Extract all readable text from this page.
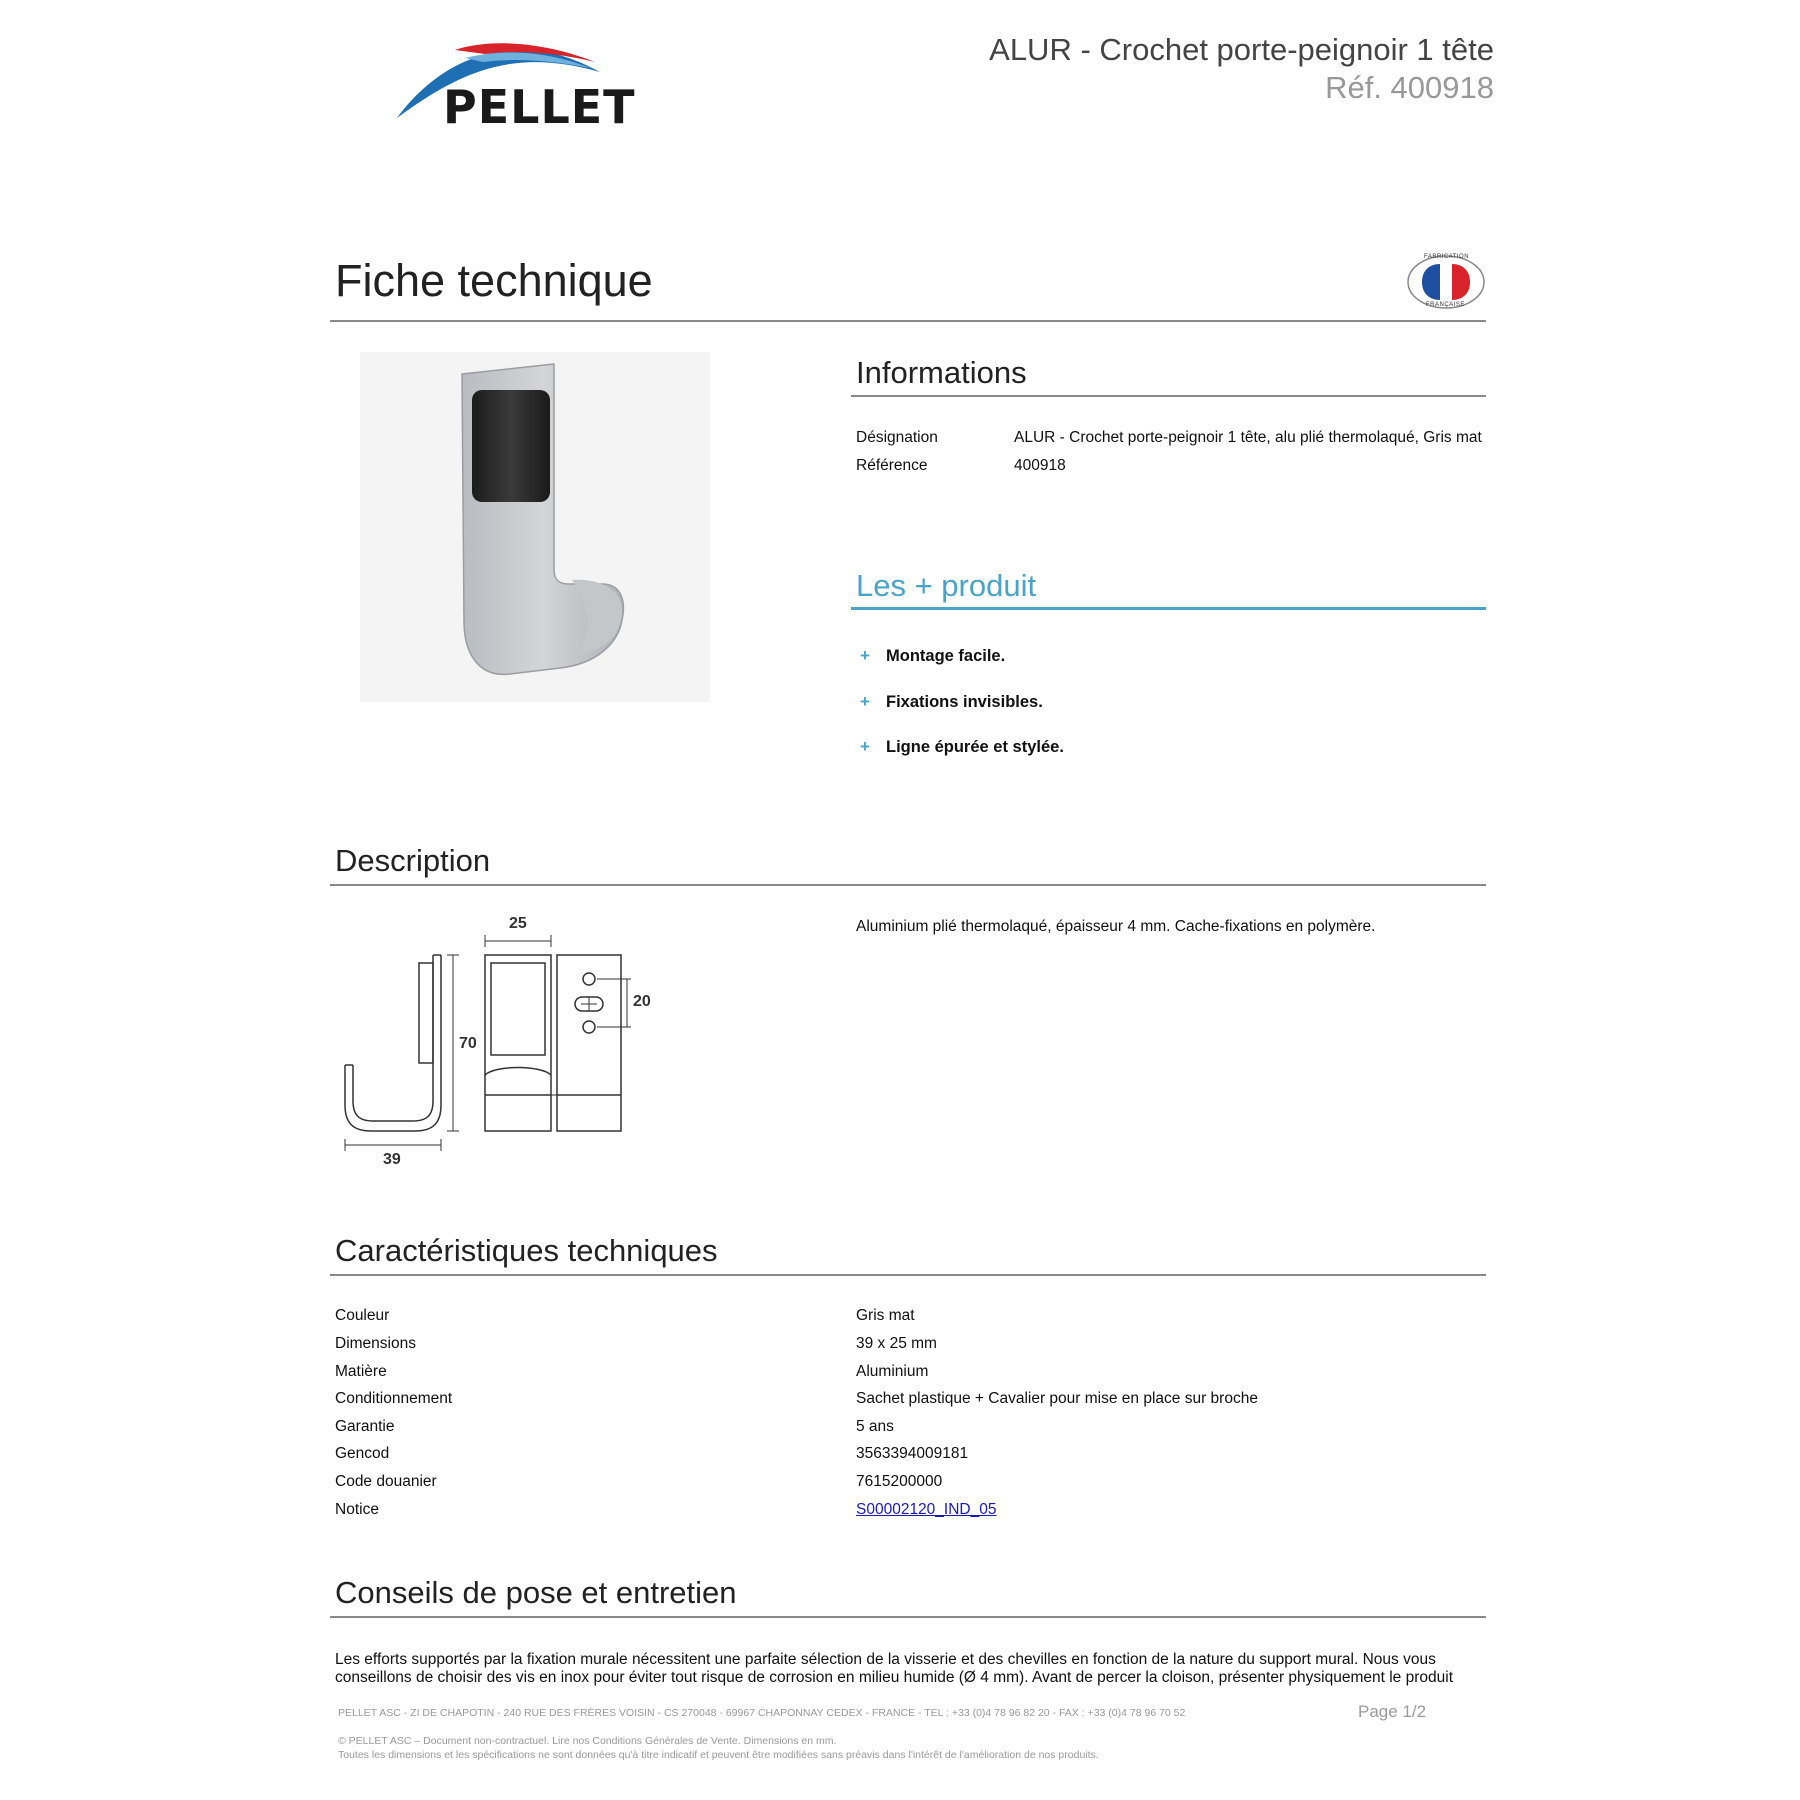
PELLET
ALUR - Crochet porte-peignoir 1 tête
Réf. 400918
Fiche technique	FABRICATION
FRANÇAISE
Informations
Désignation	ALUR - Crochet porte-peignoir 1 tête, alu plié thermolaqué, Gris mat
Référence	400918
Les + produit
+ Montage facile.
+ Fixations invisibles.
+ Ligne épurée et stylée.
Description
25
70
39
20
Aluminium plié thermolaqué, épaisseur 4 mm. Cache-fixations en polymère.
Caractéristiques techniques
Couleur	Gris mat
Dimensions	39 x 25 mm
Matière	Aluminium
Conditionnement	Sachet plastique + Cavalier pour mise en place sur broche
Garantie	5 ans
Gencod	3563394009181
Code douanier	7615200000
Notice	S00002120_IND_05
Conseils de pose et entretien
Les efforts supportés par la fixation murale nécessitent une parfaite sélection de la visserie et des chevilles en fonction de la nature du support mural. Nous vous
conseillons de choisir des vis en inox pour éviter tout risque de corrosion en milieu humide (Ø 4 mm). Avant de percer la cloison, présenter physiquement le produit
PELLET ASC - ZI DE CHAPOTIN - 240 RUE DES FRÈRES VOISIN - CS 270048 - 69967 CHAPONNAY CEDEX - FRANCE - TEL : +33 (0)4 78 96 82 20 - FAX : +33 (0)4 78 96 70 52	Page 1/2
© PELLET ASC – Document non-contractuel. Lire nos Conditions Générales de Vente. Dimensions en mm.
Toutes les dimensions et les spécifications ne sont données qu'à titre indicatif et peuvent être modifiées sans préavis dans l'intérêt de l'amélioration de nos produits.
